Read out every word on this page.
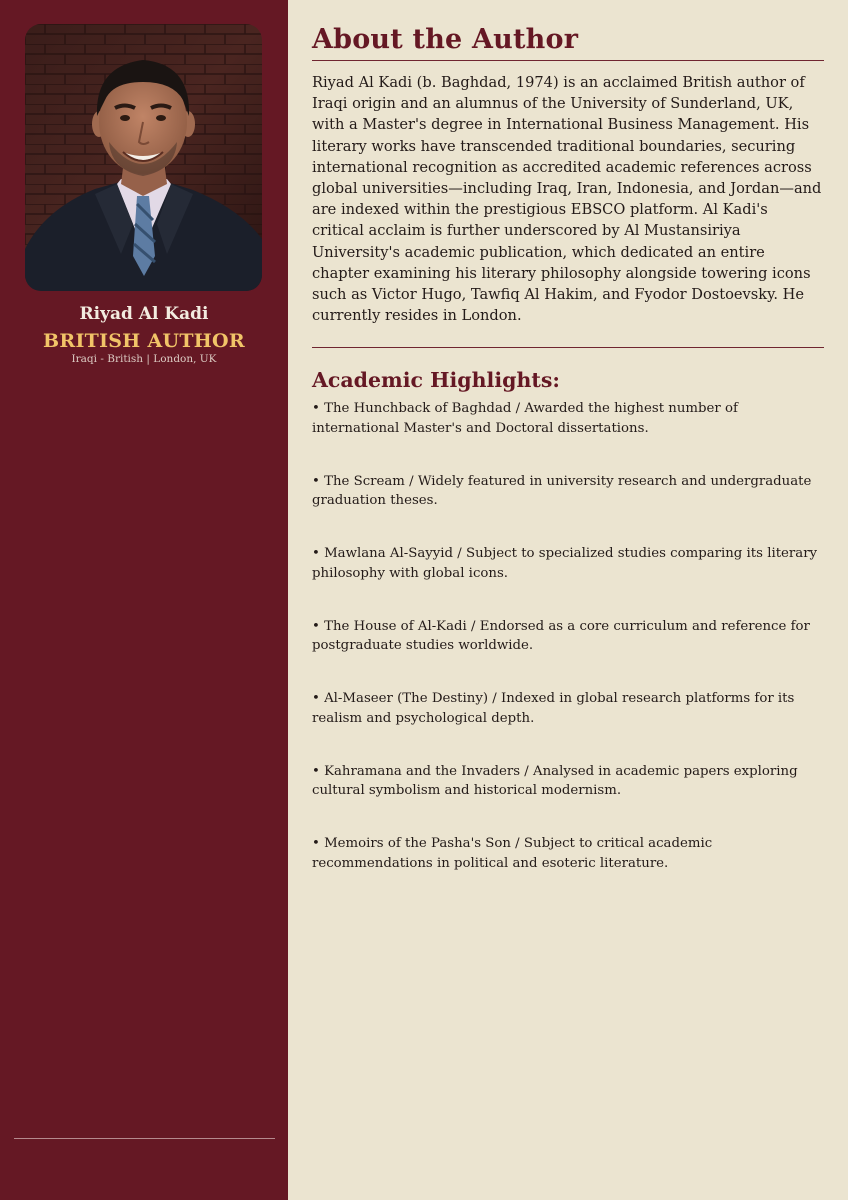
Riyad Al Kadi
BRITISH AUTHOR
Iraqi - British | London, UK
About the Author

Riyad Al Kadi (b. Baghdad, 1974) is an acclaimed British author of Iraqi origin and an alumnus of the University of Sunderland, UK, with a Master's degree in International Business Management. His literary works have transcended traditional boundaries, securing international recognition as accredited academic references across global universities—including Iraq, Iran, Indonesia, and Jordan—and are indexed within the prestigious EBSCO platform. Al Kadi's critical acclaim is further underscored by Al Mustansiriya University's academic publication, which dedicated an entire chapter examining his literary philosophy alongside towering icons such as Victor Hugo, Tawfiq Al Hakim, and Fyodor Dostoevsky. He currently resides in London.

Academic Highlights:
• The Hunchback of Baghdad / Awarded the highest number of international Master's and Doctoral dissertations.
• The Scream / Widely featured in university research and undergraduate graduation theses.
• Mawlana Al-Sayyid / Subject to specialized studies comparing its literary philosophy with global icons.
• The House of Al-Kadi / Endorsed as a core curriculum and reference for postgraduate studies worldwide.
• Al-Maseer (The Destiny) / Indexed in global research platforms for its realism and psychological depth.
• Kahramana and the Invaders / Analysed in academic papers exploring cultural symbolism and historical modernism.
• Memoirs of the Pasha's Son / Subject to critical academic recommendations in political and esoteric literature.
